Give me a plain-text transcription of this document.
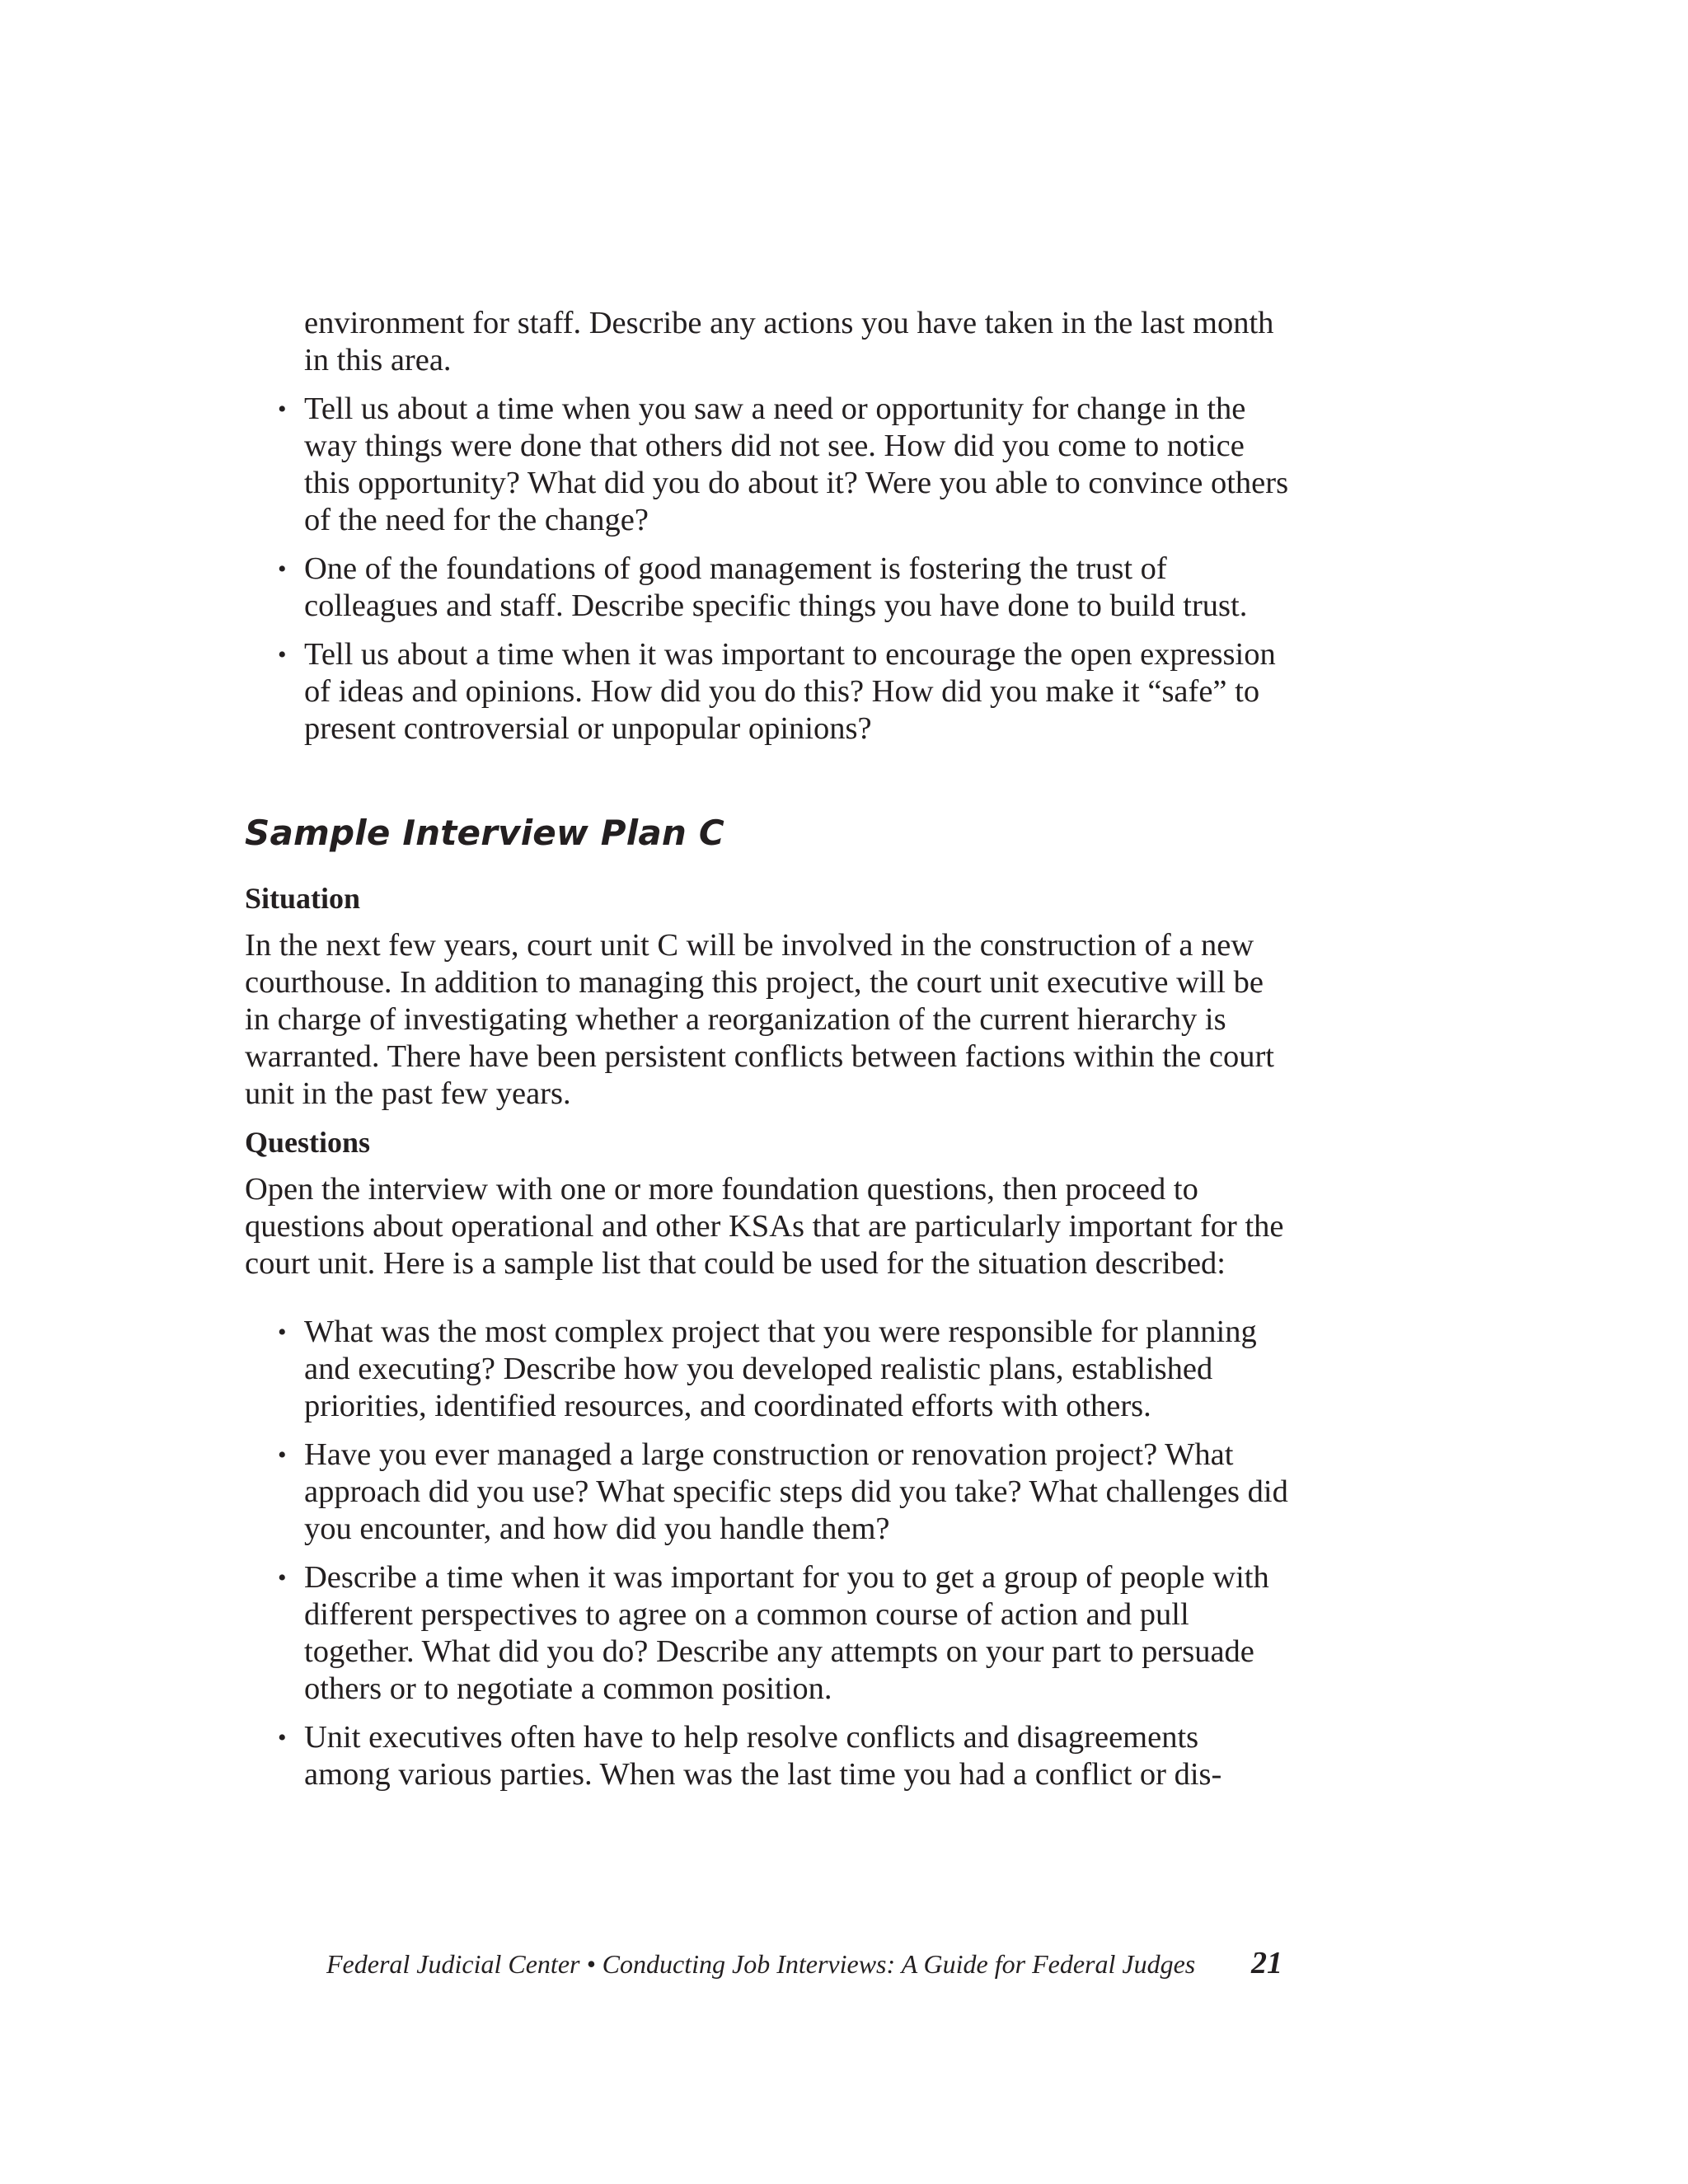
environment for staff. Describe any actions you have taken in the last month in this area.

• Tell us about a time when you saw a need or opportunity for change in the way things were done that others did not see. How did you come to notice this opportunity? What did you do about it? Were you able to convince others of the need for the change?
• One of the foundations of good management is fostering the trust of colleagues and staff. Describe specific things you have done to build trust.
• Tell us about a time when it was important to encourage the open expression of ideas and opinions. How did you do this? How did you make it “safe” to present controversial or unpopular opinions?
Sample Interview Plan C
Situation

In the next few years, court unit C will be involved in the construction of a new courthouse. In addition to managing this project, the court unit executive will be in charge of investigating whether a reorganization of the current hierarchy is warranted. There have been persistent conflicts between factions within the court unit in the past few years.

Questions

Open the interview with one or more foundation questions, then proceed to questions about operational and other KSAs that are particularly important for the court unit. Here is a sample list that could be used for the situation described:

• What was the most complex project that you were responsible for planning and executing? Describe how you developed realistic plans, established priorities, identified resources, and coordinated efforts with others.
• Have you ever managed a large construction or renovation project? What approach did you use? What specific steps did you take? What challenges did you encounter, and how did you handle them?
• Describe a time when it was important for you to get a group of people with different perspectives to agree on a common course of action and pull together. What did you do? Describe any attempts on your part to persuade others or to negotiate a common position.
• Unit executives often have to help resolve conflicts and disagreements among various parties. When was the last time you had a conflict or dis-
Federal Judicial Center • Conducting Job Interviews: A Guide for Federal Judges 21
